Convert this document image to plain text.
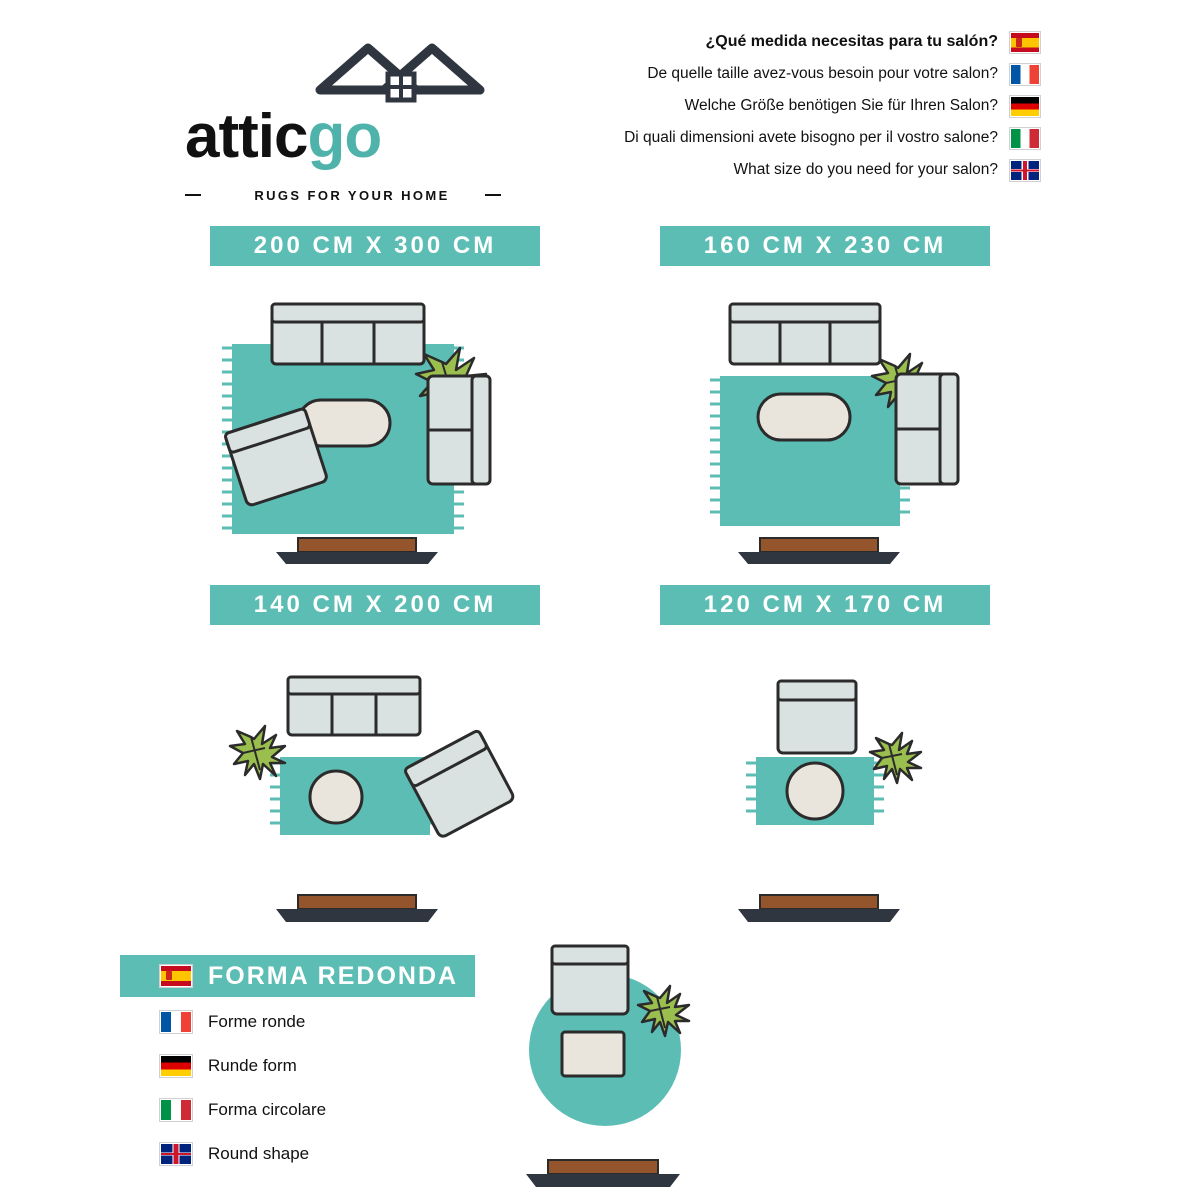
atticgo
RUGS FOR YOUR HOME
¿Qué medida necesitas para tu salón?
De quelle taille avez-vous besoin pour votre salon?
Welche Größe benötigen Sie für Ihren Salon?
Di quali dimensioni avete bisogno per il vostro salone?
What size do you need for your salon?
200 CM X 300 CM	160 CM X 230 CM
140 CM X 200 CM	120 CM X 170 CM
FORMA REDONDA
Forme ronde
Runde form
Forma circolare
Round shape
